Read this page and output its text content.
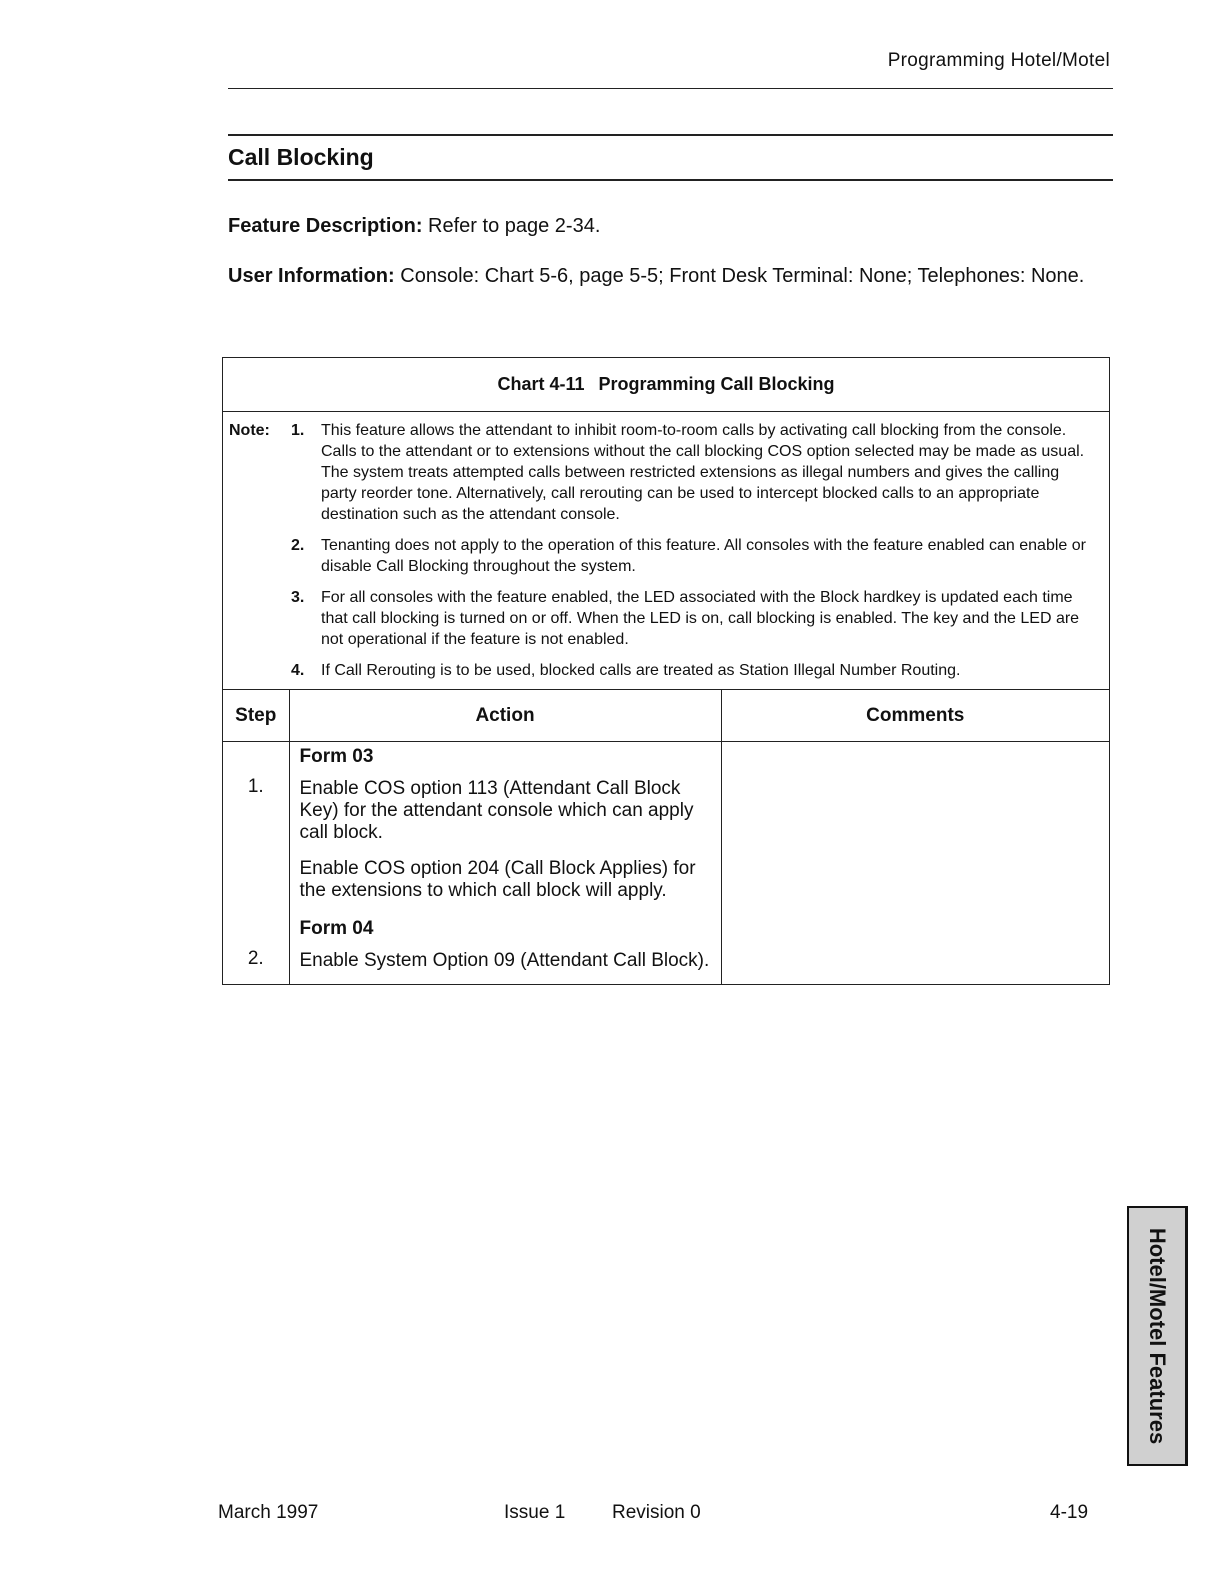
Programming Hotel/Motel
Call Blocking
Feature Description: Refer to page 2-34.
User Information: Console: Chart 5-6, page 5-5; Front Desk Terminal: None; Telephones: None.
Chart 4-11 Programming Call Blocking
Note: 1. This feature allows the attendant to inhibit room-to-room calls by activating call blocking from the console. Calls to the attendant or to extensions without the call blocking COS option selected may be made as usual. The system treats attempted calls between restricted extensions as illegal numbers and gives the calling party reorder tone. Alternatively, call rerouting can be used to intercept blocked calls to an appropriate destination such as the attendant console.
2. Tenanting does not apply to the operation of this feature. All consoles with the feature enabled can enable or disable Call Blocking throughout the system.
3. For all consoles with the feature enabled, the LED associated with the Block hardkey is updated each time that call blocking is turned on or off. When the LED is on, call blocking is enabled. The key and the LED are not operational if the feature is not enabled.
4. If Call Rerouting is to be used, blocked calls are treated as Station Illegal Number Routing.
Step	Action	Comments

1.	Form 03
Enable COS option 113 (Attendant Call Block Key) for the attendant console which can apply call block.
Enable COS option 204 (Call Block Applies) for the extensions to which call block will apply.	

2.	Form 04
Enable System Option 09 (Attendant Call Block).	
Hotel/Motel Features
March 1997	Issue 1 Revision 0	4-19
